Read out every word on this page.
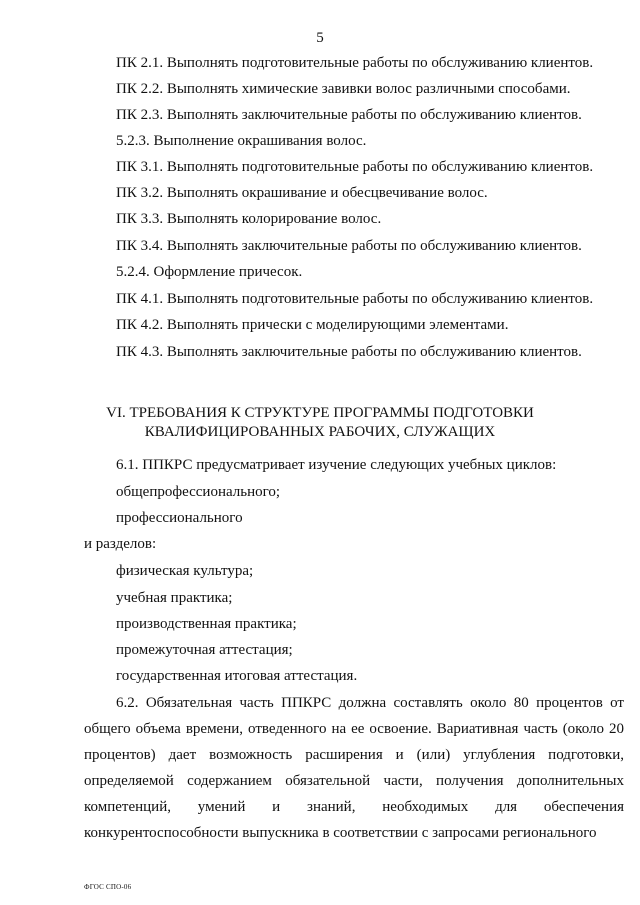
5
ПК 2.1. Выполнять подготовительные работы по обслуживанию клиентов.
ПК 2.2. Выполнять химические завивки волос различными способами.
ПК 2.3. Выполнять заключительные работы по обслуживанию клиентов.
5.2.3. Выполнение окрашивания волос.
ПК 3.1. Выполнять подготовительные работы по обслуживанию клиентов.
ПК 3.2. Выполнять окрашивание и обесцвечивание волос.
ПК 3.3. Выполнять колорирование волос.
ПК 3.4. Выполнять заключительные работы по обслуживанию клиентов.
5.2.4. Оформление причесок.
ПК 4.1. Выполнять подготовительные работы по обслуживанию клиентов.
ПК 4.2. Выполнять прически с моделирующими элементами.
ПК 4.3. Выполнять заключительные работы по обслуживанию клиентов.
VI. ТРЕБОВАНИЯ К СТРУКТУРЕ ПРОГРАММЫ ПОДГОТОВКИ
КВАЛИФИЦИРОВАННЫХ РАБОЧИХ, СЛУЖАЩИХ
6.1. ППКРС предусматривает изучение следующих учебных циклов:
общепрофессионального;
профессионального
и разделов:
физическая культура;
учебная практика;
производственная практика;
промежуточная аттестация;
государственная итоговая аттестация.
6.2. Обязательная часть ППКРС должна составлять около 80 процентов от общего объема времени, отведенного на ее освоение. Вариативная часть (около 20 процентов) дает возможность расширения и (или) углубления подготовки, определяемой содержанием обязательной части, получения дополнительных компетенций, умений и знаний, необходимых для обеспечения конкурентоспособности выпускника в соответствии с запросами регионального
ФГОС СПО-06
